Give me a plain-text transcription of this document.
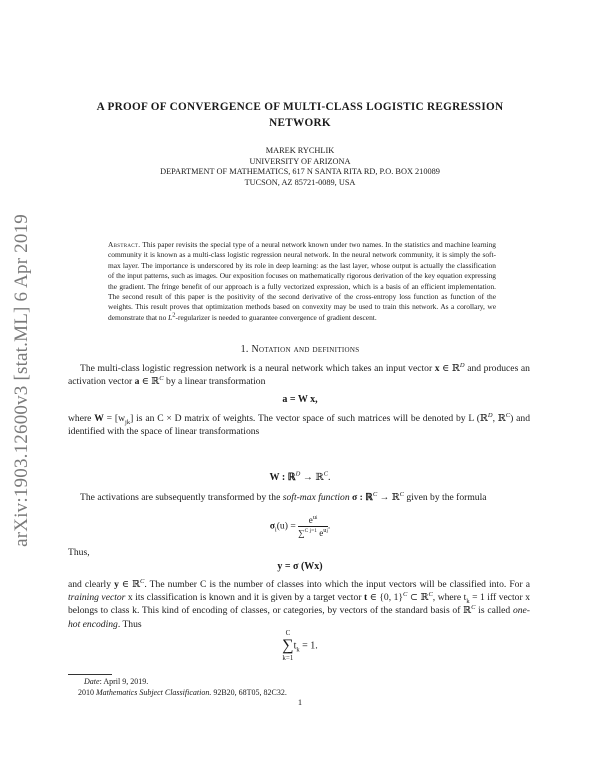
arXiv:1903.12600v3 [stat.ML] 6 Apr 2019
A PROOF OF CONVERGENCE OF MULTI-CLASS LOGISTIC REGRESSION
NETWORK
MAREK RYCHLIK
UNIVERSITY OF ARIZONA
DEPARTMENT OF MATHEMATICS, 617 N SANTA RITA RD, P.O. BOX 210089
TUCSON, AZ 85721-0089, USA
Abstract. This paper revisits the special type of a neural network known under two names. In the statistics and machine learning community it is known as a multi-class logistic regression neural network. In the neural network community, it is simply the soft-max layer. The importance is underscored by its role in deep learning: as the last layer, whose output is actually the classification of the input patterns, such as images. Our exposition focuses on mathematically rigorous derivation of the key equation expressing the gradient. The fringe benefit of our approach is a fully vectorized expression, which is a basis of an efficient implementation. The second result of this paper is the positivity of the second derivative of the cross-entropy loss function as function of the weights. This result proves that optimization methods based on convexity may be used to train this network. As a corollary, we demonstrate that no $L^2$-regularizer is needed to guarantee convergence of gradient descent.
1. Notation and definitions
The multi-class logistic regression network is a neural network which takes an input vector x ∈ ℝ$^D$ and produces an activation vector a ∈ ℝ$^C$ by a linear transformation
a = W x,
where $W = [w_{jk}]$ is an C × D matrix of weights. The vector space of such matrices will be denoted by L (ℝ$^D$, ℝ$^C$) and identified with the space of linear transformations
W : ℝ$^D$ → ℝ$^C$.
The activations are subsequently transformed by the soft-max function σ : ℝ$^C$ → ℝ$^C$ given by the formula
$\sigma_i(u) = \frac{e^{ui}}{\sum^{C j=1} e^{uj}}$ .
Thus,
y = σ (Wx)
and clearly y ∈ ℝ$^C$. The number C is the number of classes into which the input vectors will be classified into. For a training vector x its classification is known and it is given by a target vector t ∈ {0, 1}$^C$ ⊂ ℝ$^C$, where $t_k = 1$ iff vector x belongs to class k. This kind of encoding of classes, or categories, by vectors of the standard basis of ℝ$^C$ is called one-hot encoding. Thus
C
∑
k=1
$t_k = 1$.
Date: April 9, 2019.
2010 Mathematics Subject Classification. 92B20, 68T05, 82C32.
1
